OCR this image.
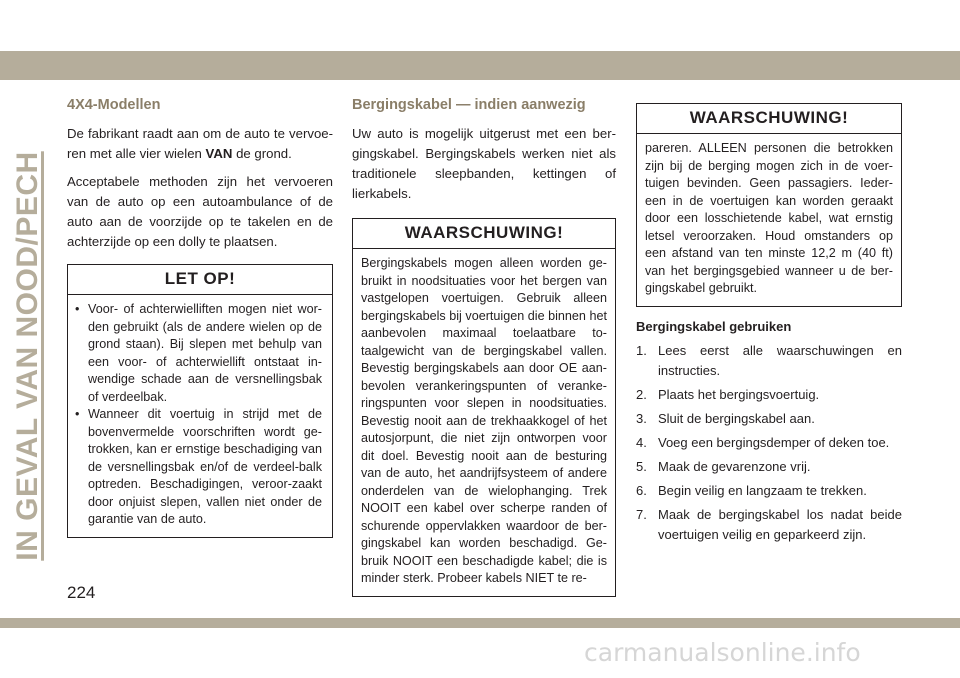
IN GEVAL VAN NOOD/PECH
4X4-Modellen

De fabrikant raadt aan om de auto te vervoe-ren met alle vier wielen VAN de grond.

Acceptabele methoden zijn het vervoeren van de auto op een autoambulance of de auto aan de voorzijde op te takelen en de achterzijde op een dolly te plaatsen.

LET OP!
• Voor- of achterwielliften mogen niet wor-den gebruikt (als de andere wielen op de grond staan). Bij slepen met behulp van een voor- of achterwiellift ontstaat in-wendige schade aan de versnellingsbak of verdeelbak.
• Wanneer dit voertuig in strijd met de bovenvermelde voorschriften wordt ge-trokken, kan er ernstige beschadiging van de versnellingsbak en/of de verdeel-balk optreden. Beschadigingen, veroor-zaakt door onjuist slepen, vallen niet onder de garantie van de auto.
Bergingskabel — indien aanwezig

Uw auto is mogelijk uitgerust met een ber-gingskabel. Bergingskabels werken niet als traditionele sleepbanden, kettingen of lierkabels.

WAARSCHUWING!
Bergingskabels mogen alleen worden ge-bruikt in noodsituaties voor het bergen van vastgelopen voertuigen. Gebruik alleen bergingskabels bij voertuigen die binnen het aanbevolen maximaal toelaatbare to-taalgewicht van de bergingskabel vallen. Bevestig bergingskabels aan door OE aan-bevolen verankeringspunten of veranke-ringspunten voor slepen in noodsituaties. Bevestig nooit aan de trekhaakkogel of het autosjorpunt, die niet zijn ontworpen voor dit doel. Bevestig nooit aan de besturing van de auto, het aandrijfsysteem of andere onderdelen van de wielophanging. Trek NOOIT een kabel over scherpe randen of schurende oppervlakken waardoor de ber-gingskabel kan worden beschadigd. Ge-bruik NOOIT een beschadigde kabel; die is minder sterk. Probeer kabels NIET te re-
WAARSCHUWING!
pareren. ALLEEN personen die betrokken zijn bij de berging mogen zich in de voer-tuigen bevinden. Geen passagiers. Ieder-een in de voertuigen kan worden geraakt door een losschietende kabel, wat ernstig letsel veroorzaken. Houd omstanders op een afstand van ten minste 12,2 m (40 ft) van het bergingsgebied wanneer u de ber-gingskabel gebruikt.
Bergingskabel gebruiken
1. Lees eerst alle waarschuwingen en instructies.
2. Plaats het bergingsvoertuig.
3. Sluit de bergingskabel aan.
4. Voeg een bergingsdemper of deken toe.
5. Maak de gevarenzone vrij.
6. Begin veilig en langzaam te trekken.
7. Maak de bergingskabel los nadat beide voertuigen veilig en geparkeerd zijn.
224
carmanualsonline.info
